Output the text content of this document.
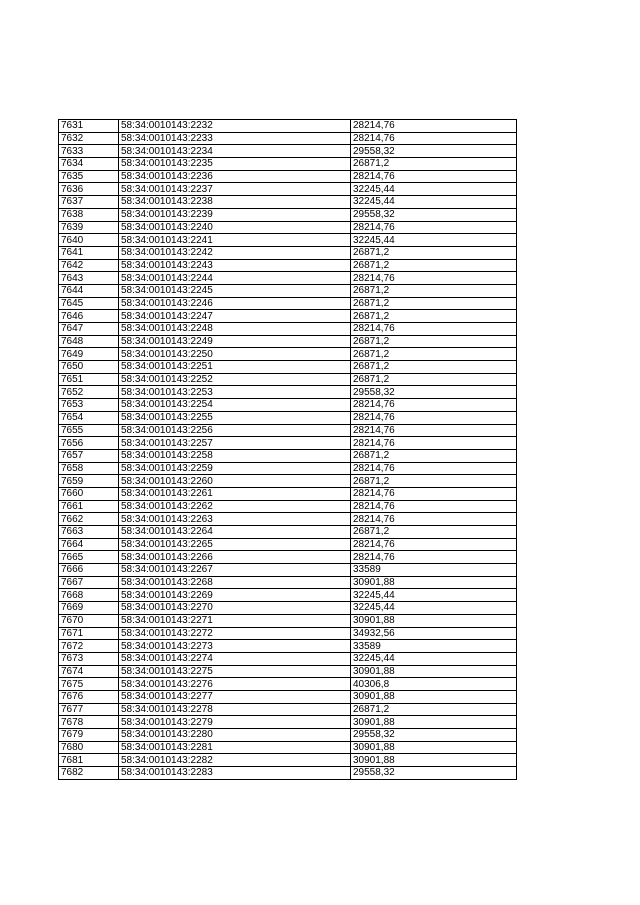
7631	58:34:0010143:2232	28214,76
7632	58:34:0010143:2233	28214,76
7633	58:34:0010143:2234	29558,32
7634	58:34:0010143:2235	26871,2
7635	58:34:0010143:2236	28214,76
7636	58:34:0010143:2237	32245,44
7637	58:34:0010143:2238	32245,44
7638	58:34:0010143:2239	29558,32
7639	58:34:0010143:2240	28214,76
7640	58:34:0010143:2241	32245,44
7641	58:34:0010143:2242	26871,2
7642	58:34:0010143:2243	26871,2
7643	58:34:0010143:2244	28214,76
7644	58:34:0010143:2245	26871,2
7645	58:34:0010143:2246	26871,2
7646	58:34:0010143:2247	26871,2
7647	58:34:0010143:2248	28214,76
7648	58:34:0010143:2249	26871,2
7649	58:34:0010143:2250	26871,2
7650	58:34:0010143:2251	26871,2
7651	58:34:0010143:2252	26871,2
7652	58:34:0010143:2253	29558,32
7653	58:34:0010143:2254	28214,76
7654	58:34:0010143:2255	28214,76
7655	58:34:0010143:2256	28214,76
7656	58:34:0010143:2257	28214,76
7657	58:34:0010143:2258	26871,2
7658	58:34:0010143:2259	28214,76
7659	58:34:0010143:2260	26871,2
7660	58:34:0010143:2261	28214,76
7661	58:34:0010143:2262	28214,76
7662	58:34:0010143:2263	28214,76
7663	58:34:0010143:2264	26871,2
7664	58:34:0010143:2265	28214,76
7665	58:34:0010143:2266	28214,76
7666	58:34:0010143:2267	33589
7667	58:34:0010143:2268	30901,88
7668	58:34:0010143:2269	32245,44
7669	58:34:0010143:2270	32245,44
7670	58:34:0010143:2271	30901,88
7671	58:34:0010143:2272	34932,56
7672	58:34:0010143:2273	33589
7673	58:34:0010143:2274	32245,44
7674	58:34:0010143:2275	30901,88
7675	58:34:0010143:2276	40306,8
7676	58:34:0010143:2277	30901,88
7677	58:34:0010143:2278	26871,2
7678	58:34:0010143:2279	30901,88
7679	58:34:0010143:2280	29558,32
7680	58:34:0010143:2281	30901,88
7681	58:34:0010143:2282	30901,88
7682	58:34:0010143:2283	29558,32
